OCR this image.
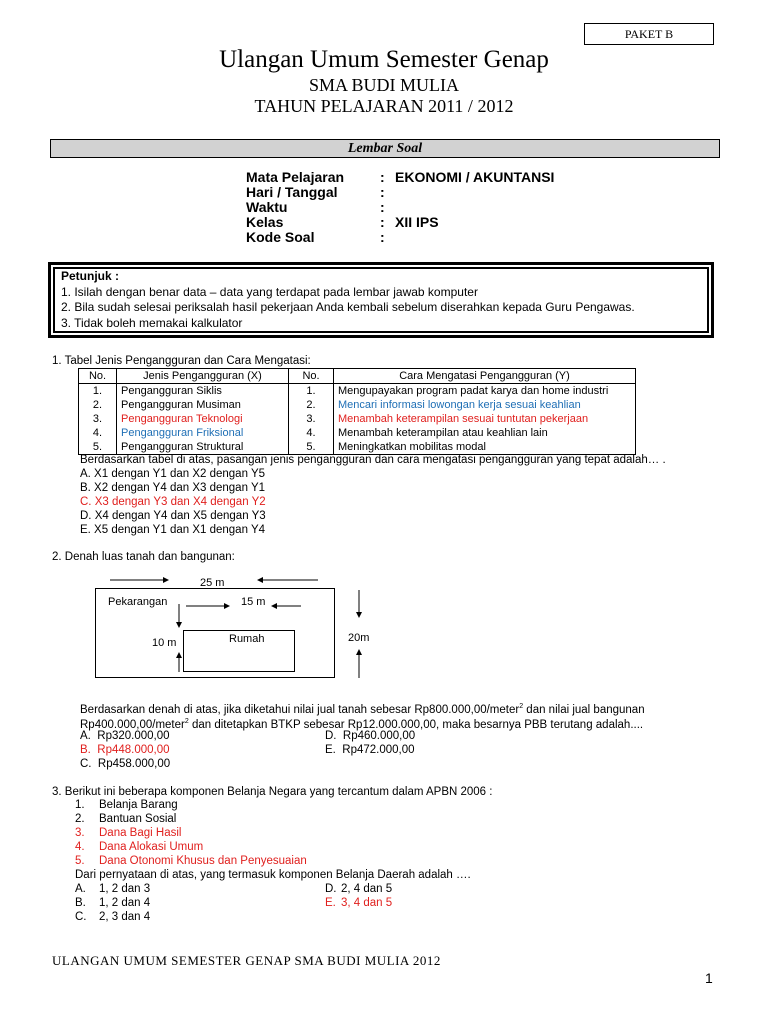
PAKET B
Ulangan Umum Semester Genap
SMA BUDI MULIA
TAHUN PELAJARAN 2011 / 2012
Lembar Soal
Mata Pelajaran	: EKONOMI / AKUNTANSI
Hari / Tanggal	:
Waktu	:
Kelas	: XII IPS
Kode Soal	:
Petunjuk :
1. Isilah dengan benar data – data yang terdapat pada lembar jawab komputer
2. Bila sudah selesai periksalah hasil pekerjaan Anda kembali sebelum diserahkan kepada Guru Pengawas.
3. Tidak boleh memakai kalkulator
1. Tabel Jenis Pengangguran dan Cara Mengatasi:
No.	Jenis Pengangguran (X)	No.	Cara Mengatasi Pengangguran (Y)
1.	Pengangguran Siklis	1.	Mengupayakan program padat karya dan home industri
2.	Pengangguran Musiman	2.	Mencari informasi lowongan kerja sesuai keahlian
3.	Pengangguran Teknologi	3.	Menambah keterampilan sesuai tuntutan pekerjaan
4.	Pengangguran Friksional	4.	Menambah keterampilan atau keahlian lain
5.	Pengangguran Struktural	5.	Meningkatkan mobilitas modal
Berdasarkan tabel di atas, pasangan jenis pengangguran dan cara mengatasi pengangguran yang tepat adalah… .
A. X1 dengan Y1 dan X2 dengan Y5
B. X2 dengan Y4 dan X3 dengan Y1
C. X3 dengan Y3 dan X4 dengan Y2
D. X4 dengan Y4 dan X5 dengan Y3
E. X5 dengan Y1 dan X1 dengan Y4
2. Denah luas tanah dan bangunan:
25 m
Pekarangan	15 m
Rumah
10 m	20m
Berdasarkan denah di atas, jika diketahui nilai jual tanah sebesar Rp800.000,00/meter$^2$ dan nilai jual bangunan
Rp400.000,00/meter$^2$ dan ditetapkan BTKP sebesar Rp12.000.000,00, maka besarnya PBB terutang adalah....
A. Rp320.000,00
B. Rp448.000,00
C. Rp458.000,00
D. Rp460.000,00
E. Rp472.000,00
3. Berikut ini beberapa komponen Belanja Negara yang tercantum dalam APBN 2006 :
1. Belanja Barang
2. Bantuan Sosial
3. Dana Bagi Hasil
4. Dana Alokasi Umum
5. Dana Otonomi Khusus dan Penyesuaian
Dari pernyataan di atas, yang termasuk komponen Belanja Daerah adalah ….
A. 1, 2 dan 3
B. 1, 2 dan 4
C. 2, 3 dan 4
D. 2, 4 dan 5
E. 3, 4 dan 5
ULANGAN UMUM SEMESTER GENAP SMA BUDI MULIA 2012
1
